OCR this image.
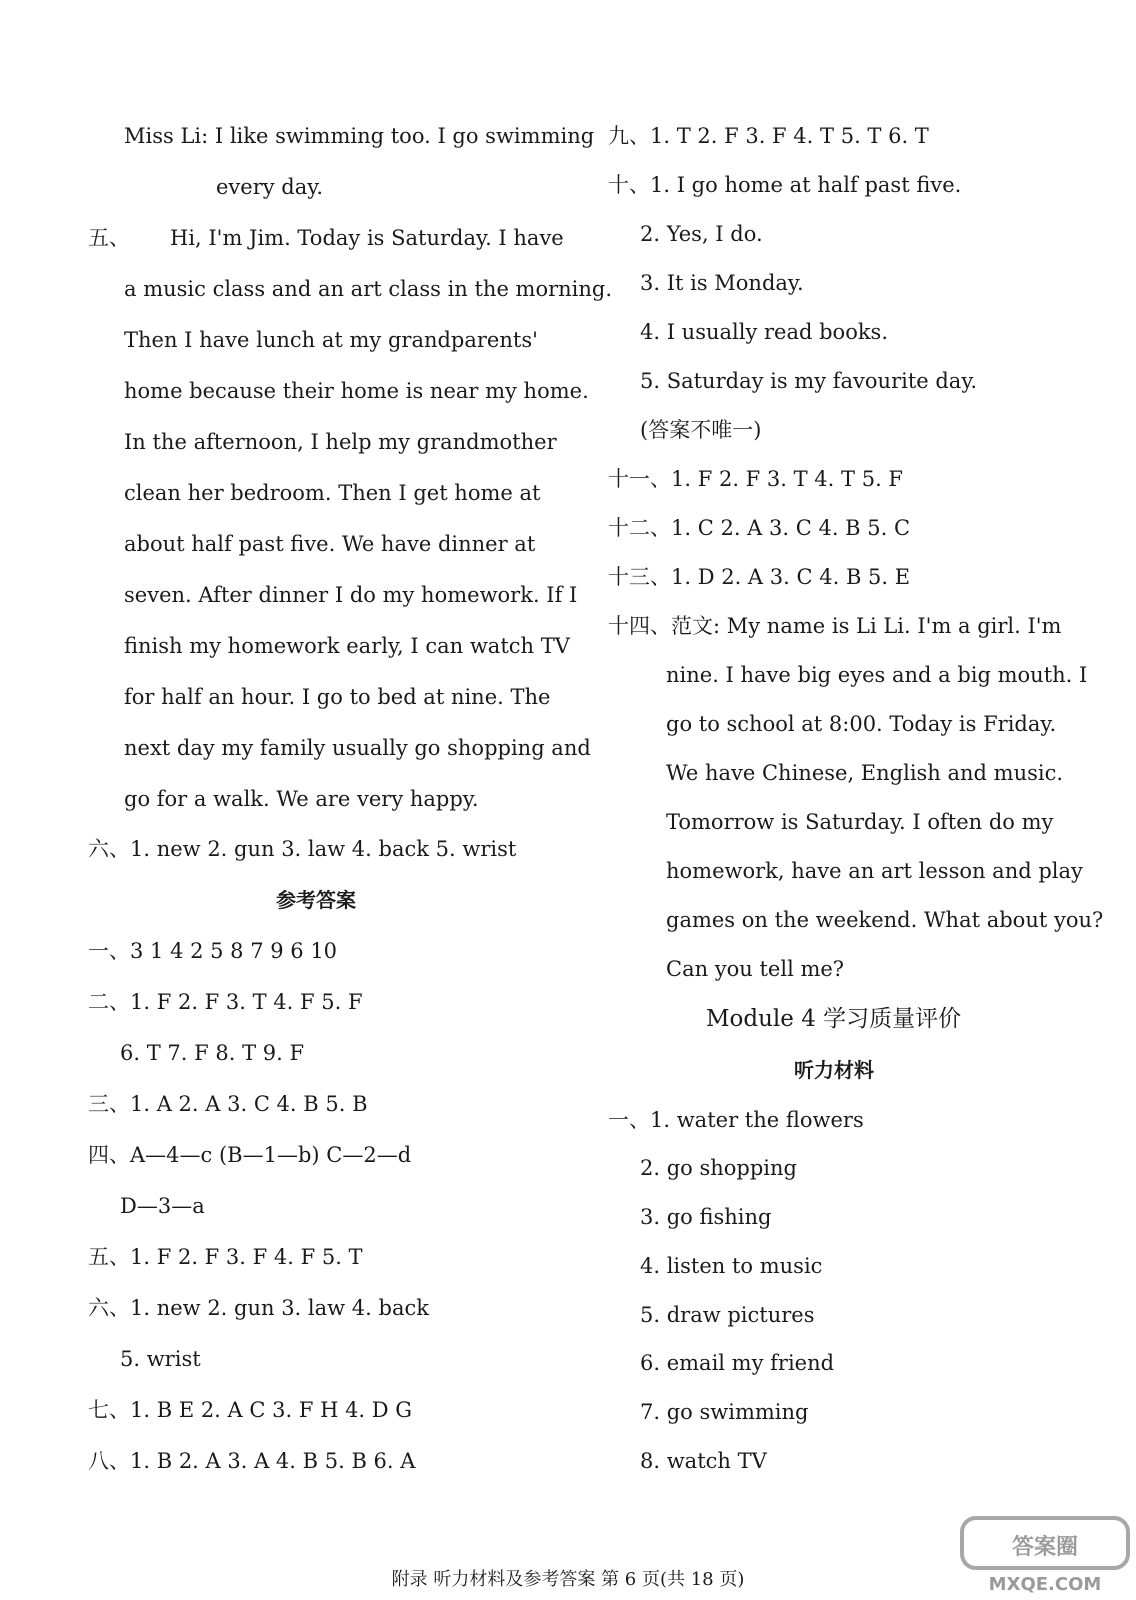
Miss Li: I like swimming too. I go swimming
every day.
五、 Hi, I'm Jim. Today is Saturday. I have
a music class and an art class in the morning.
Then I have lunch at my grandparents'
home because their home is near my home.
In the afternoon, I help my grandmother
clean her bedroom. Then I get home at
about half past five. We have dinner at
seven. After dinner I do my homework. If I
finish my homework early, I can watch TV
for half an hour. I go to bed at nine. The
next day my family usually go shopping and
go for a walk. We are very happy.
六、1. new 2. gun 3. law 4. back 5. wrist
参考答案
一、3 1 4 2 5 8 7 9 6 10
二、1. F 2. F 3. T 4. F 5. F
6. T 7. F 8. T 9. F
三、1. A 2. A 3. C 4. B 5. B
四、A—4—c (B—1—b) C—2—d
D—3—a
五、1. F 2. F 3. F 4. F 5. T
六、1. new 2. gun 3. law 4. back
5. wrist
七、1. B E 2. A C 3. F H 4. D G
八、1. B 2. A 3. A 4. B 5. B 6. A
九、1. T 2. F 3. F 4. T 5. T 6. T
十、1. I go home at half past five.
2. Yes, I do.
3. It is Monday.
4. I usually read books.
5. Saturday is my favourite day.
(答案不唯一)
十一、1. F 2. F 3. T 4. T 5. F
十二、1. C 2. A 3. C 4. B 5. C
十三、1. D 2. A 3. C 4. B 5. E
十四、范文: My name is Li Li. I'm a girl. I'm
nine. I have big eyes and a big mouth. I
go to school at 8:00. Today is Friday.
We have Chinese, English and music.
Tomorrow is Saturday. I often do my
homework, have an art lesson and play
games on the weekend. What about you?
Can you tell me?
Module 4 学习质量评价
听力材料
一、1. water the flowers
2. go shopping
3. go fishing
4. listen to music
5. draw pictures
6. email my friend
7. go swimming
8. watch TV
附录 听力材料及参考答案 第 6 页(共 18 页)
答案圈
MXQE.COM
